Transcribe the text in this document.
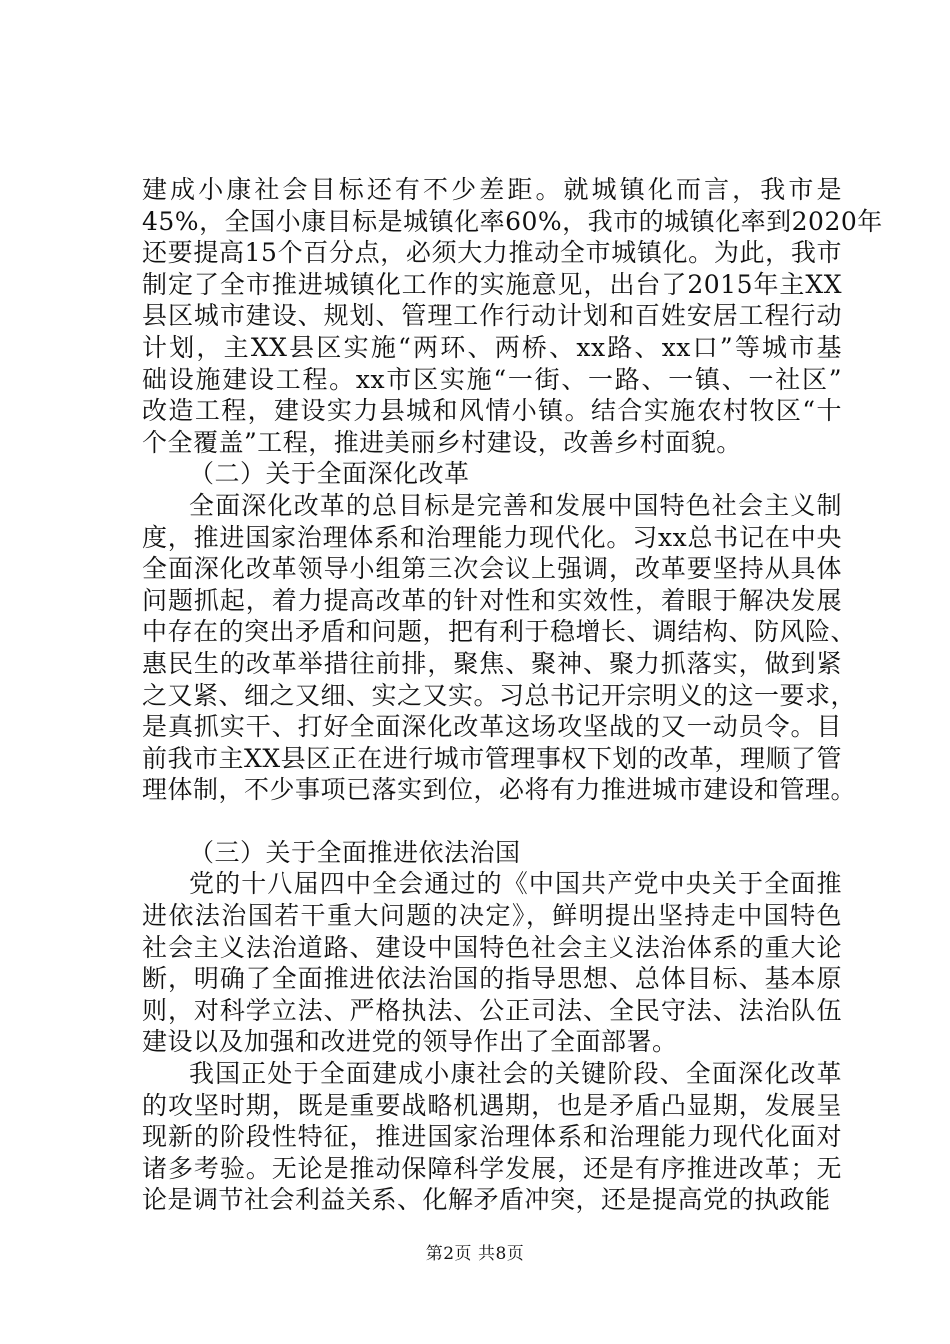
建成小康社会目标还有不少差距。就城镇化而言，我市是
45%，全国小康目标是城镇化率60%，我市的城镇化率到2020年
还要提高15个百分点，必须大力推动全市城镇化。为此，我市
制定了全市推进城镇化工作的实施意见，出台了2015年主XX
县区城市建设、规划、管理工作行动计划和百姓安居工程行动
计划，主XX县区实施“两环、两桥、xx路、xx口”等城市基
础设施建设工程。xx市区实施“一街、一路、一镇、一社区”
改造工程，建设实力县城和风情小镇。结合实施农村牧区“十
个全覆盖”工程，推进美丽乡村建设，改善乡村面貌。
（二）关于全面深化改革
全面深化改革的总目标是完善和发展中国特色社会主义制
度，推进国家治理体系和治理能力现代化。习xx总书记在中央
全面深化改革领导小组第三次会议上强调，改革要坚持从具体
问题抓起，着力提高改革的针对性和实效性，着眼于解决发展
中存在的突出矛盾和问题，把有利于稳增长、调结构、防风险、
惠民生的改革举措往前排，聚焦、聚神、聚力抓落实，做到紧
之又紧、细之又细、实之又实。习总书记开宗明义的这一要求，
是真抓实干、打好全面深化改革这场攻坚战的又一动员令。目
前我市主XX县区正在进行城市管理事权下划的改革，理顺了管
理体制，不少事项已落实到位，必将有力推进城市建设和管理。
（三）关于全面推进依法治国
党的十八届四中全会通过的《中国共产党中央关于全面推
进依法治国若干重大问题的决定》，鲜明提出坚持走中国特色
社会主义法治道路、建设中国特色社会主义法治体系的重大论
断，明确了全面推进依法治国的指导思想、总体目标、基本原
则，对科学立法、严格执法、公正司法、全民守法、法治队伍
建设以及加强和改进党的领导作出了全面部署。
我国正处于全面建成小康社会的关键阶段、全面深化改革
的攻坚时期，既是重要战略机遇期，也是矛盾凸显期，发展呈
现新的阶段性特征，推进国家治理体系和治理能力现代化面对
诸多考验。无论是推动保障科学发展，还是有序推进改革；无
论是调节社会利益关系、化解矛盾冲突，还是提高党的执政能
第2页 共8页
